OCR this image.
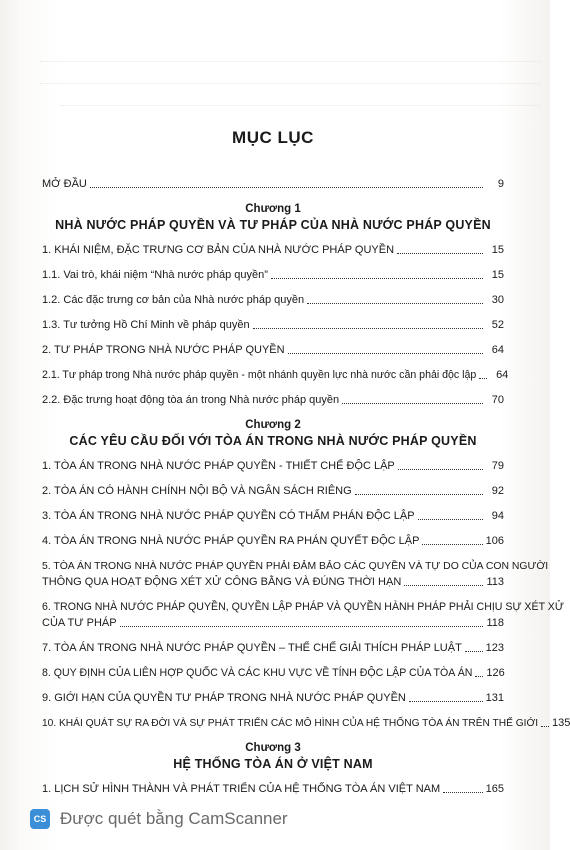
MỤC LỤC
MỞ ĐẦU	9
Chương 1
NHÀ NƯỚC PHÁP QUYỀN VÀ TƯ PHÁP CỦA NHÀ NƯỚC PHÁP QUYỀN
1. KHÁI NIỆM, ĐẶC TRƯNG CƠ BẢN CỦA NHÀ NƯỚC PHÁP QUYỀN	15
1.1. Vai trò, khái niệm “Nhà nước pháp quyền”	15
1.2. Các đặc trưng cơ bản của Nhà nước pháp quyền	30
1.3. Tư tưởng Hồ Chí Minh về pháp quyền	52
2. TƯ PHÁP TRONG NHÀ NƯỚC PHÁP QUYỀN	64
2.1. Tư pháp trong Nhà nước pháp quyền - một nhánh quyền lực nhà nước cần phải độc lập	64
2.2. Đặc trưng hoạt động tòa án trong Nhà nước pháp quyền	70
Chương 2
CÁC YÊU CẦU ĐỐI VỚI TÒA ÁN TRONG NHÀ NƯỚC PHÁP QUYỀN
1. TÒA ÁN TRONG NHÀ NƯỚC PHÁP QUYỀN - THIẾT CHẾ ĐỘC LẬP	79
2. TÒA ÁN CÓ HÀNH CHÍNH NỘI BỘ VÀ NGÂN SÁCH RIÊNG	92
3. TÒA ÁN TRONG NHÀ NƯỚC PHÁP QUYỀN CÓ THẨM PHÁN ĐỘC LẬP	94
4. TÒA ÁN TRONG NHÀ NƯỚC PHÁP QUYỀN RA PHÁN QUYẾT ĐỘC LẬP	106
5. TÒA ÁN TRONG NHÀ NƯỚC PHÁP QUYỀN PHẢI ĐẢM BẢO CÁC QUYỀN VÀ TỰ DO CỦA CON NGƯỜI
THÔNG QUA HOẠT ĐỘNG XÉT XỬ CÔNG BẰNG VÀ ĐÚNG THỜI HẠN	113
6. TRONG NHÀ NƯỚC PHÁP QUYỀN, QUYỀN LẬP PHÁP VÀ QUYỀN HÀNH PHÁP PHẢI CHỊU SỰ XÉT XỬ
CỦA TƯ PHÁP	118
7. TÒA ÁN TRONG NHÀ NƯỚC PHÁP QUYỀN – THỂ CHẾ GIẢI THÍCH PHÁP LUẬT 123
8. QUY ĐỊNH CỦA LIÊN HỢP QUỐC VÀ CÁC KHU VỰC VỀ TÍNH ĐỘC LẬP CỦA TÒA ÁN 126
9. GIỚI HẠN CỦA QUYỀN TƯ PHÁP TRONG NHÀ NƯỚC PHÁP QUYỀN	131
10. KHÁI QUÁT SỰ RA ĐỜI VÀ SỰ PHÁT TRIỂN CÁC MÔ HÌNH CỦA HỆ THỐNG TÒA ÁN TRÊN THẾ GIỚI 135
Chương 3
HỆ THỐNG TÒA ÁN Ở VIỆT NAM
1. LỊCH SỬ HÌNH THÀNH VÀ PHÁT TRIỂN CỦA HỆ THỐNG TÒA ÁN VIỆT NAM	165
CS Được quét bằng CamScanner
